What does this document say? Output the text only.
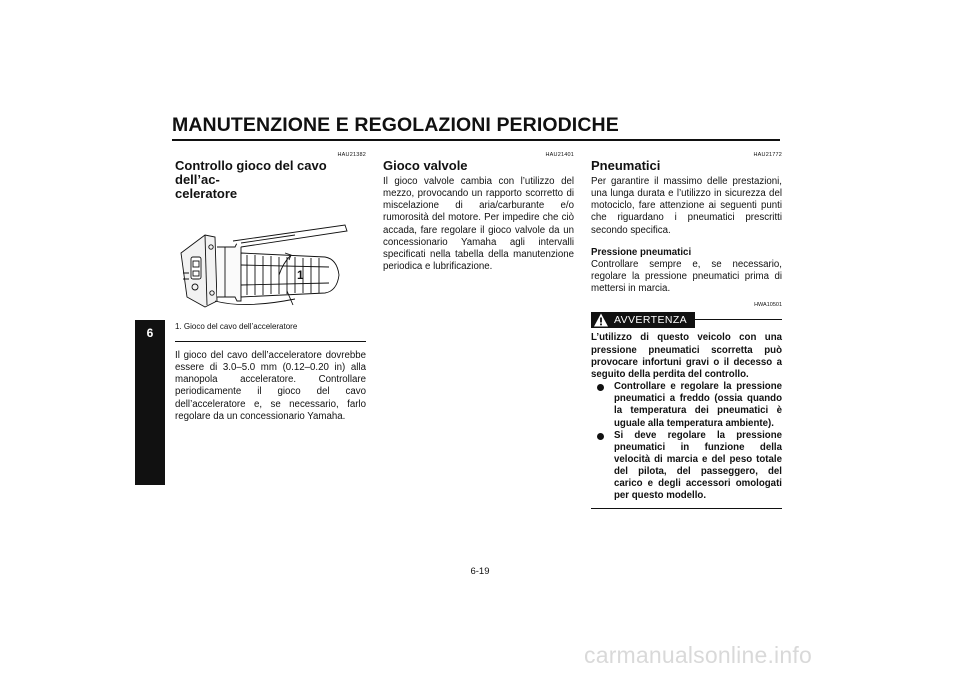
MANUTENZIONE E REGOLAZIONI PERIODICHE
6
HAU21382
Controllo gioco del cavo dell’ac-
celeratore
1
1. Gioco del cavo dell’acceleratore
Il gioco del cavo dell’acceleratore dovrebbe essere di 3.0–5.0 mm (0.12–0.20 in) alla manopola acceleratore. Controllare periodicamente il gioco del cavo dell’acceleratore e, se necessario, farlo regolare da un concessionario Yamaha.
HAU21401
Gioco valvole
Il gioco valvole cambia con l’utilizzo del mezzo, provocando un rapporto scorretto di miscelazione di aria/carburante e/o rumorosità del motore. Per impedire che ciò accada, fare regolare il gioco valvole da un concessionario Yamaha agli intervalli specificati nella tabella della manutenzione periodica e lubrificazione.
HAU21772
Pneumatici
Per garantire il massimo delle prestazioni, una lunga durata e l’utilizzo in sicurezza del motociclo, fare attenzione ai seguenti punti che riguardano i pneumatici prescritti secondo specifica.
Pressione pneumatici
Controllare sempre e, se necessario, regolare la pressione pneumatici prima di mettersi in marcia.
HWA10501
AVVERTENZA
L’utilizzo di questo veicolo con una pressione pneumatici scorretta può provocare infortuni gravi o il decesso a seguito della perdita del controllo.
Controllare e regolare la pressione pneumatici a freddo (ossia quando la temperatura dei pneumatici è uguale alla temperatura ambiente).
Si deve regolare la pressione pneumatici in funzione della velocità di marcia e del peso totale del pilota, del passeggero, del carico e degli accessori omologati per questo modello.
6-19
carmanualsonline.info
